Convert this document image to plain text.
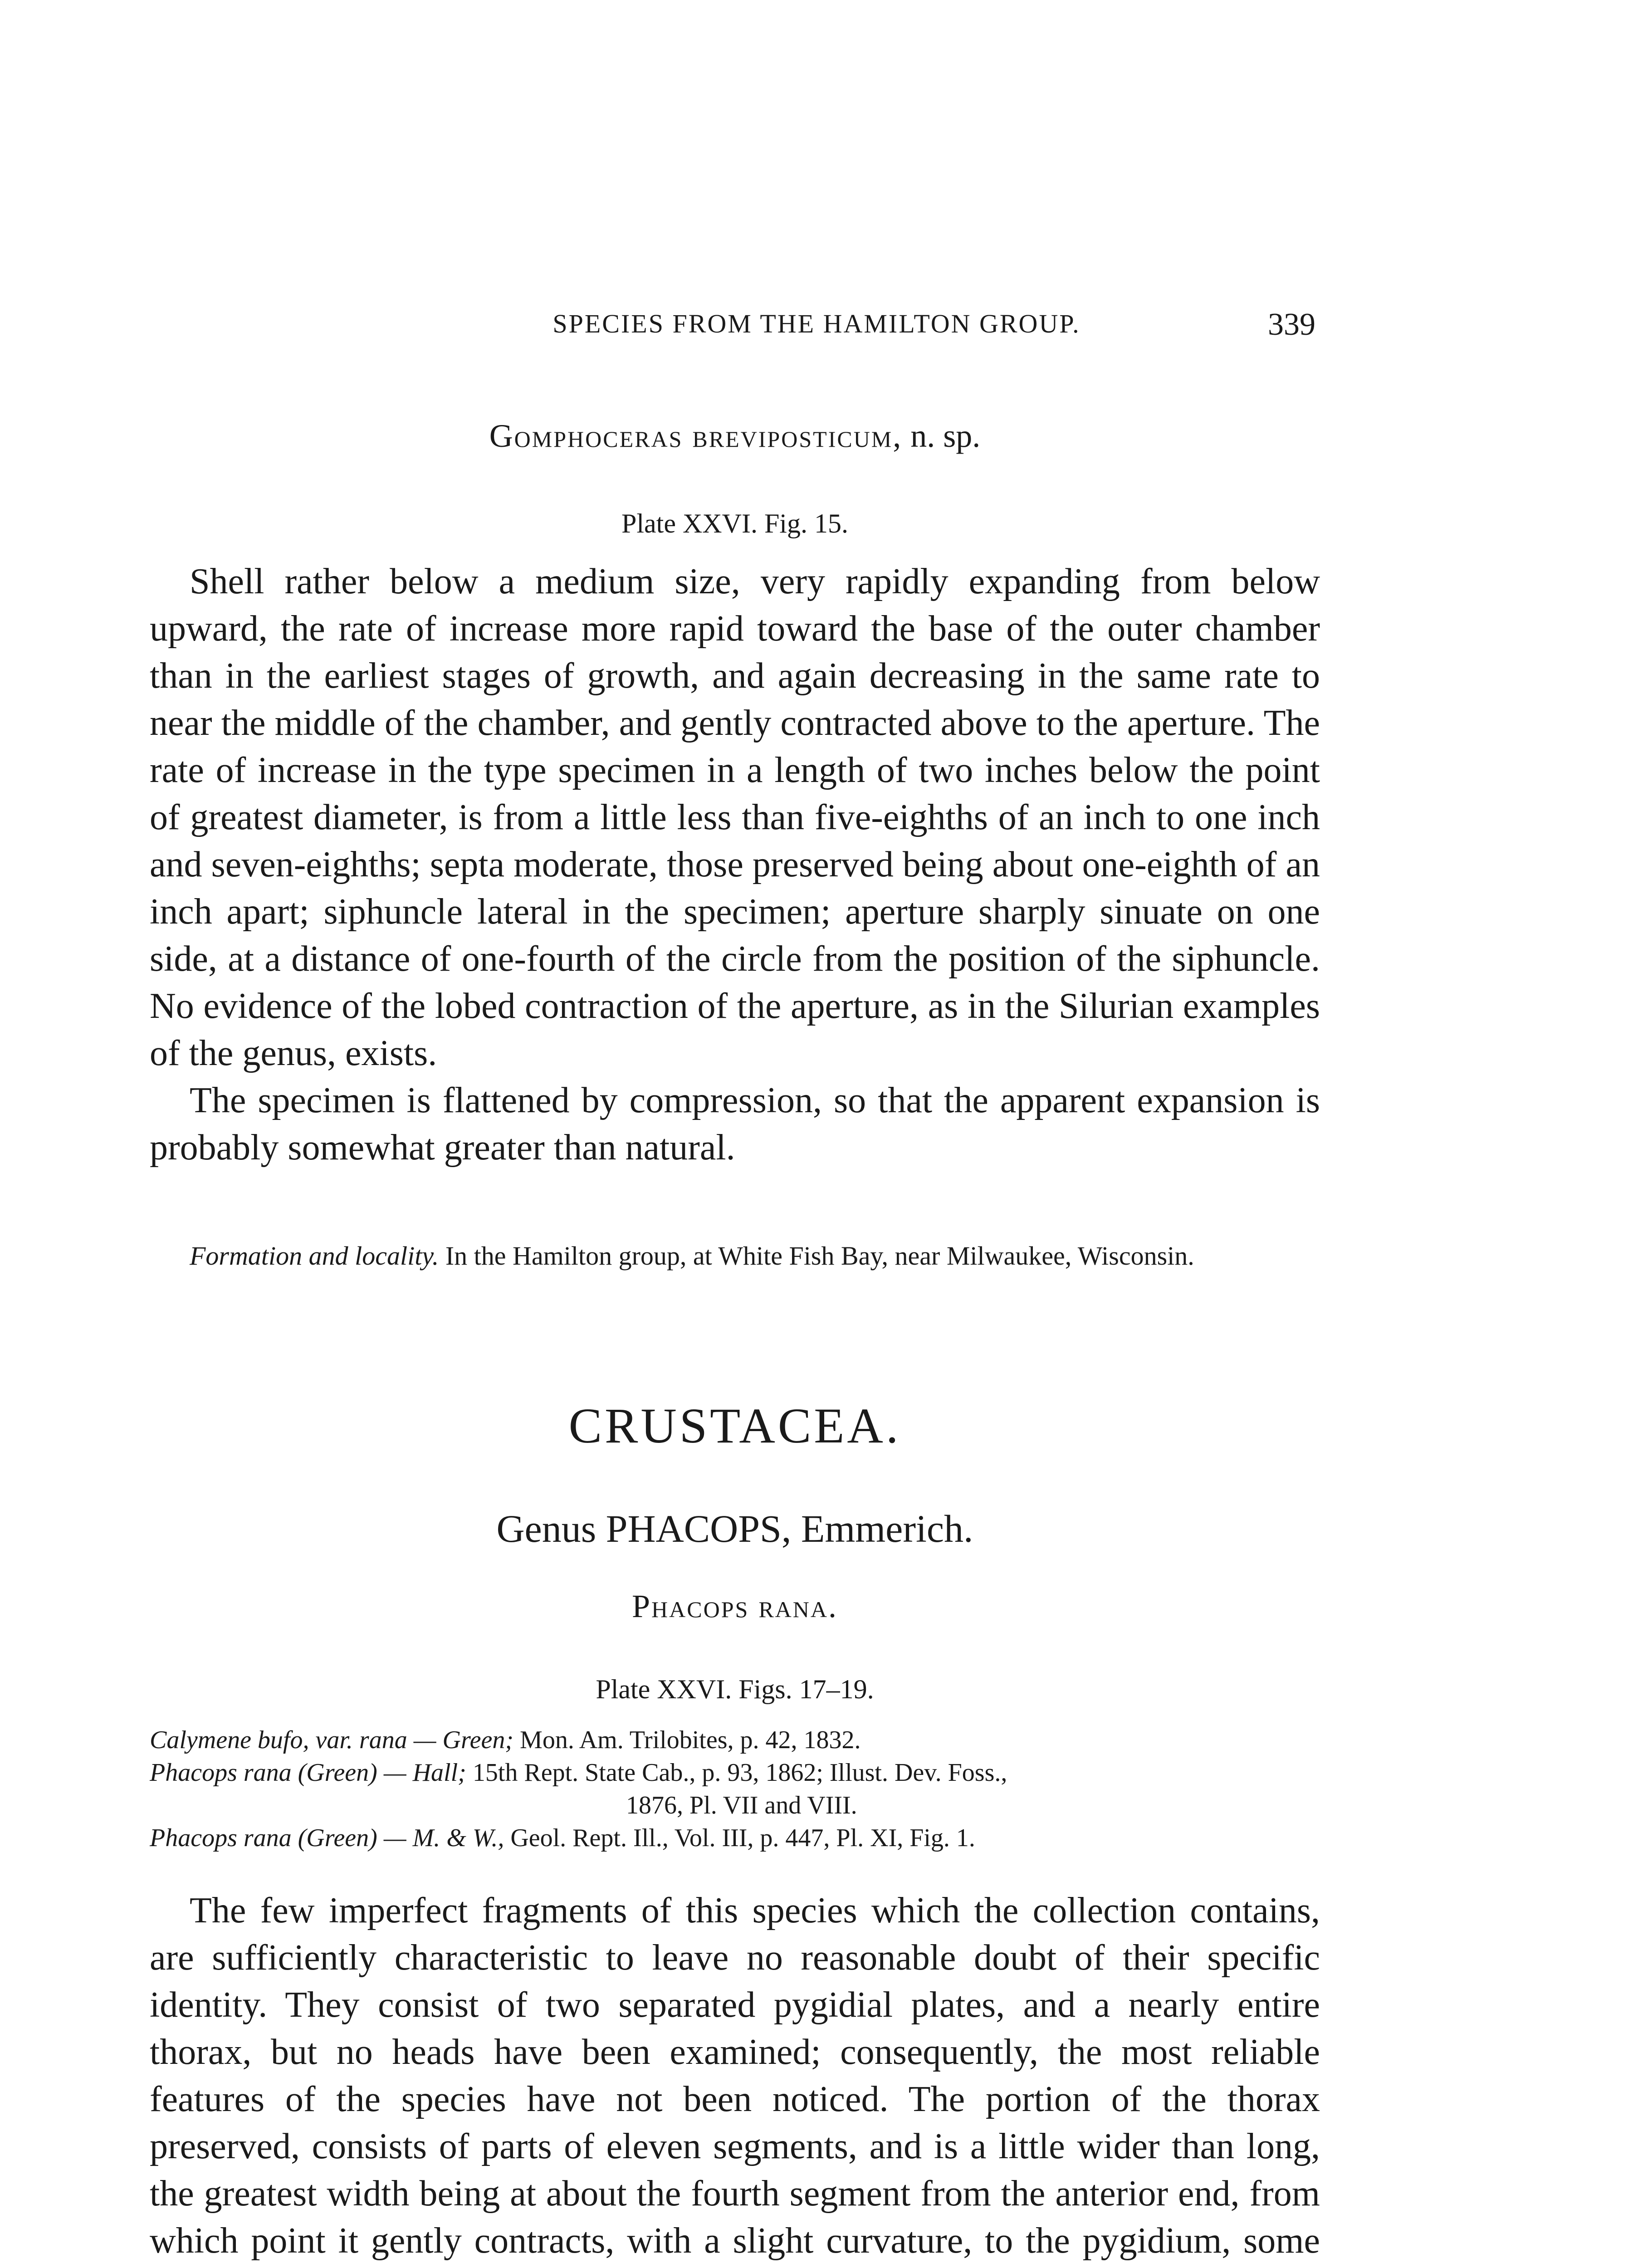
SPECIES FROM THE HAMILTON GROUP.	339
Gomphoceras breviposticum, n. sp.
Plate XXVI. Fig. 15.

Shell rather below a medium size, very rapidly expanding from below upward, the rate of increase more rapid toward the base of the outer chamber than in the earliest stages of growth, and again decreasing in the same rate to near the middle of the chamber, and gently contracted above to the aperture. The rate of increase in the type specimen in a length of two inches below the point of greatest diameter, is from a little less than five-eighths of an inch to one inch and seven-eighths; septa moderate, those preserved being about one-eighth of an inch apart; siphuncle lateral in the specimen; aperture sharply sinuate on one side, at a distance of one-fourth of the circle from the position of the siphuncle. No evidence of the lobed contraction of the aperture, as in the Silurian examples of the genus, exists.

The specimen is flattened by compression, so that the apparent expansion is probably somewhat greater than natural.

Formation and locality. In the Hamilton group, at White Fish Bay, near Milwaukee, Wisconsin.

CRUSTACEA.
Genus PHACOPS, Emmerich.
Phacops rana.
Plate XXVI. Figs. 17–19.

Calymene bufo, var. rana — Green; Mon. Am. Trilobites, p. 42, 1832.

Phacops rana (Green) — Hall; 15th Rept. State Cab., p. 93, 1862; Illust. Dev. Foss.,

1876, Pl. VII and VIII.

Phacops rana (Green) — M. & W., Geol. Rept. Ill., Vol. III, p. 447, Pl. XI, Fig. 1.

The few imperfect fragments of this species which the collection contains, are sufficiently characteristic to leave no reasonable doubt of their specific identity. They consist of two separated pygidial plates, and a nearly entire thorax, but no heads have been examined; consequently, the most reliable features of the species have not been noticed. The portion of the thorax preserved, consists of parts of eleven segments, and is a little wider than long, the greatest width being at about the fourth segment from the anterior end, from which point it gently contracts, with a slight curvature, to the pygidium, some
